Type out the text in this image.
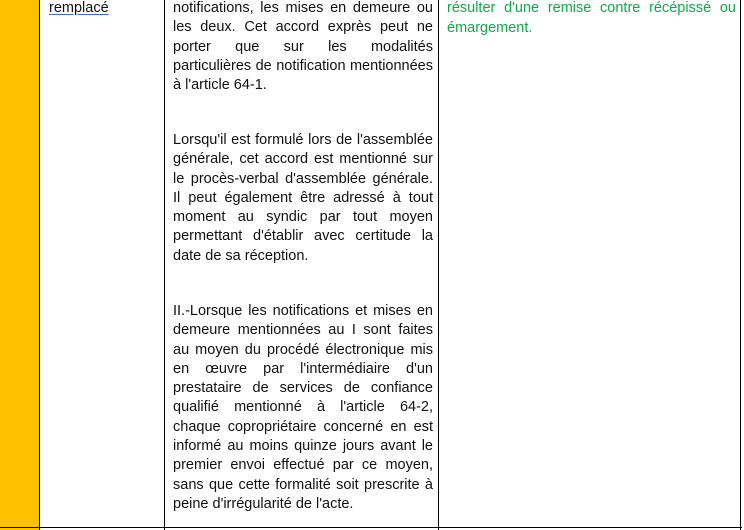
remplacé	notifications, les mises en demeure ou les deux. Cet accord exprès peut ne porter que sur les modalités particulières de notification mentionnées à l'article 64-1.

Lorsqu'il est formulé lors de l'assemblée générale, cet accord est mentionné sur le procès-verbal d'assemblée générale. Il peut également être adressé à tout moment au syndic par tout moyen permettant d'établir avec certitude la date de sa réception.

II.-Lorsque les notifications et mises en demeure mentionnées au I sont faites au moyen du procédé électronique mis en œuvre par l'intermédiaire d'un prestataire de services de confiance qualifié mentionné à l'article 64-2, chaque copropriétaire concerné en est informé au moins quinze jours avant le premier envoi effectué par ce moyen, sans que cette formalité soit prescrite à peine d'irrégularité de l'acte.

résulter d'une remise contre récépissé ou émargement.
